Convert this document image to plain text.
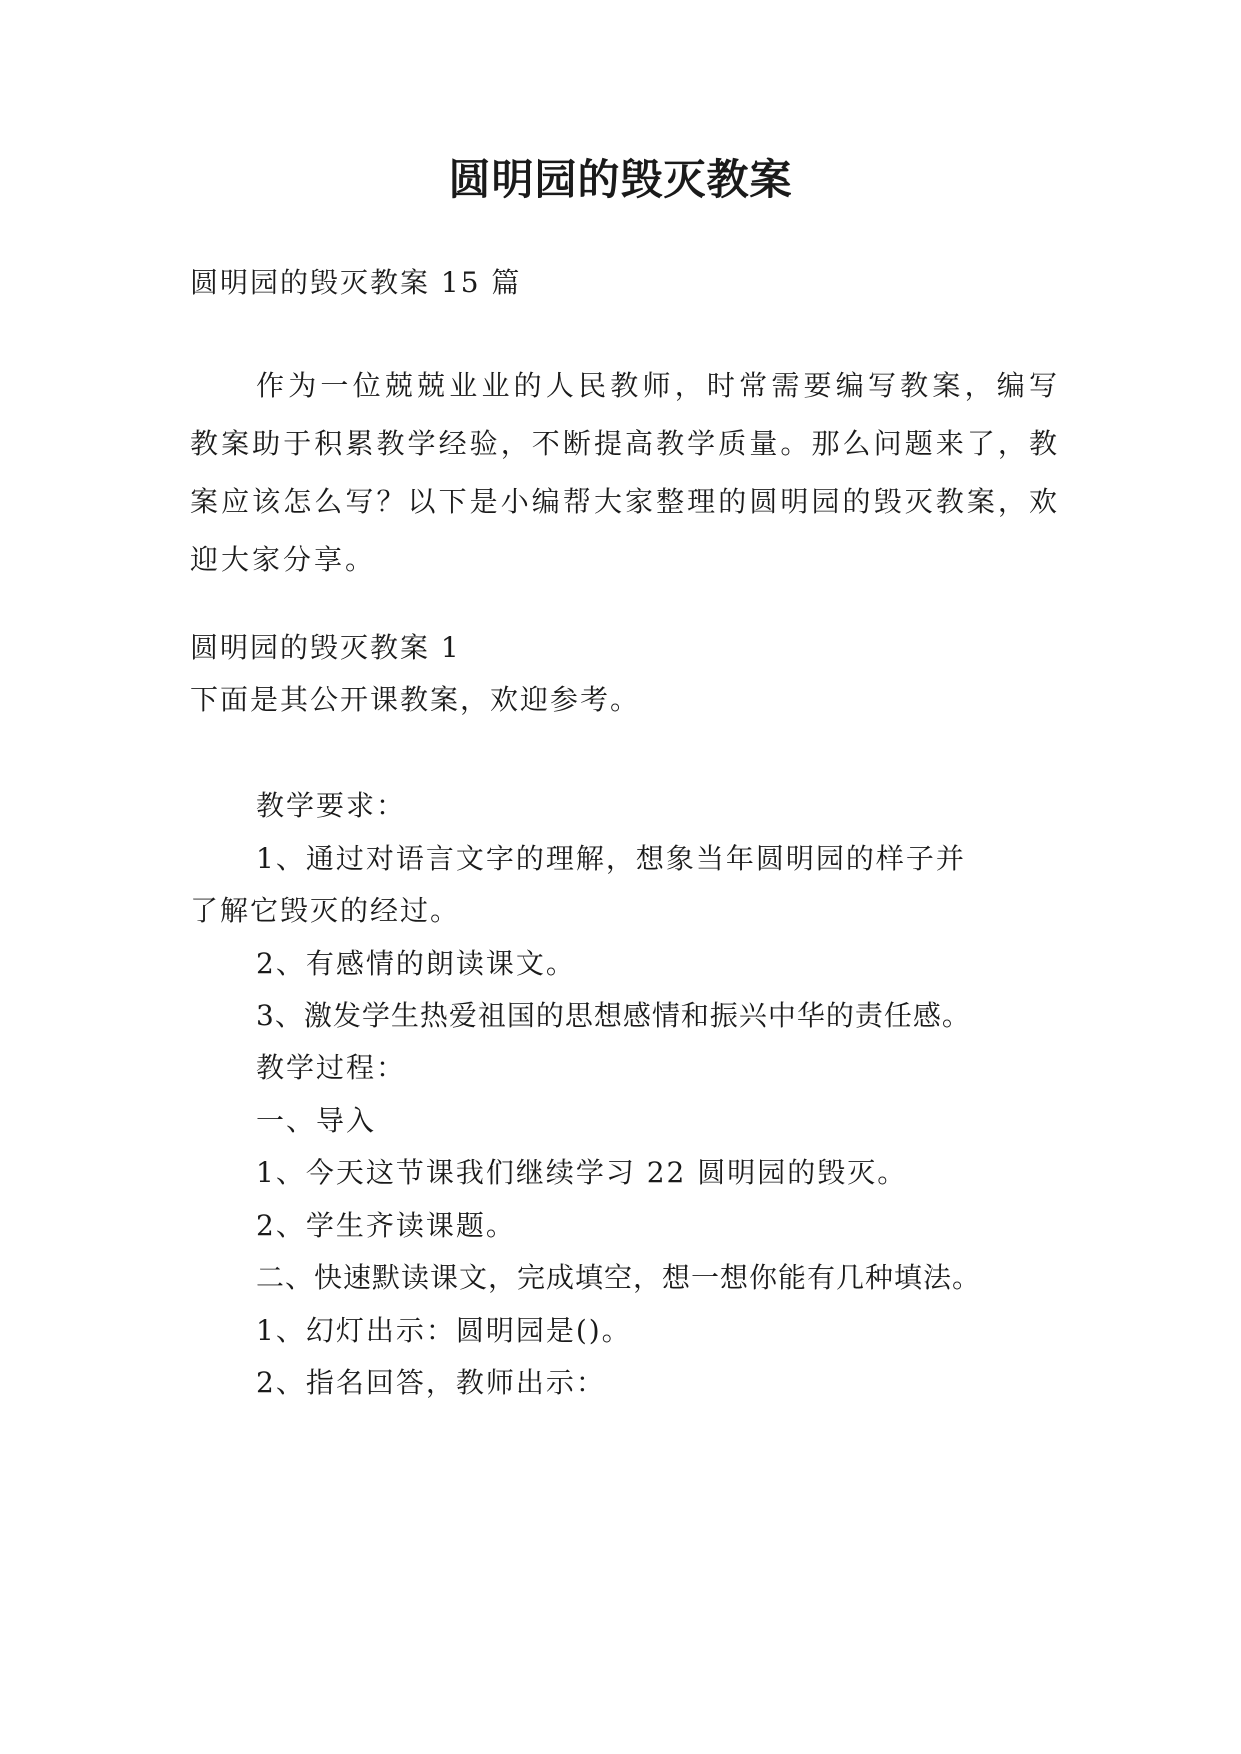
圆明园的毁灭教案

圆明园的毁灭教案 15 篇

作为一位兢兢业业的人民教师，时常需要编写教案，编写教案助于积累教学经验，不断提高教学质量。那么问题来了，教案应该怎么写？以下是小编帮大家整理的圆明园的毁灭教案，欢迎大家分享。

圆明园的毁灭教案 1

下面是其公开课教案，欢迎参考。

教学要求：

1、通过对语言文字的理解，想象当年圆明园的样子并

了解它毁灭的经过。

2、有感情的朗读课文。

3、激发学生热爱祖国的思想感情和振兴中华的责任感。

教学过程：

一、导入

1、今天这节课我们继续学习 22 圆明园的毁灭。

2、学生齐读课题。

二、快速默读课文，完成填空，想一想你能有几种填法。

1、幻灯出示：圆明园是()。

2、指名回答，教师出示：
